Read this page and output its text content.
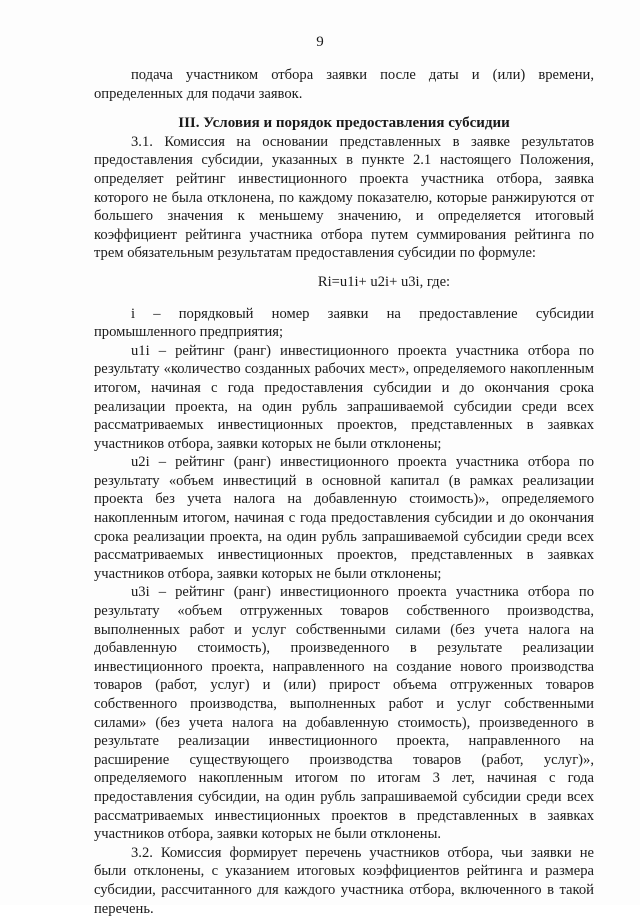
9

подача участником отбора заявки после даты и (или) времени, определенных для подачи заявок.

III. Условия и порядок предоставления субсидии

3.1. Комиссия на основании представленных в заявке результатов предоставления субсидии, указанных в пункте 2.1 настоящего Положения, определяет рейтинг инвестиционного проекта участника отбора, заявка которого не была отклонена, по каждому показателю, которые ранжируются от большего значения к меньшему значению, и определяется итоговый коэффициент рейтинга участника отбора путем суммирования рейтинга по трем обязательным результатам предоставления субсидии по формуле:

Ri=u1i+ u2i+ u3i, где:

i – порядковый номер заявки на предоставление субсидии промышленного предприятия;

u1i – рейтинг (ранг) инвестиционного проекта участника отбора по результату «количество созданных рабочих мест», определяемого накопленным итогом, начиная с года предоставления субсидии и до окончания срока реализации проекта, на один рубль запрашиваемой субсидии среди всех рассматриваемых инвестиционных проектов, представленных в заявках участников отбора, заявки которых не были отклонены;

u2i – рейтинг (ранг) инвестиционного проекта участника отбора по результату «объем инвестиций в основной капитал (в рамках реализации проекта без учета налога на добавленную стоимость)», определяемого накопленным итогом, начиная с года предоставления субсидии и до окончания срока реализации проекта, на один рубль запрашиваемой субсидии среди всех рассматриваемых инвестиционных проектов, представленных в заявках участников отбора, заявки которых не были отклонены;

u3i – рейтинг (ранг) инвестиционного проекта участника отбора по результату «объем отгруженных товаров собственного производства, выполненных работ и услуг собственными силами (без учета налога на добавленную стоимость), произведенного в результате реализации инвестиционного проекта, направленного на создание нового производства товаров (работ, услуг) и (или) прирост объема отгруженных товаров собственного производства, выполненных работ и услуг собственными силами» (без учета налога на добавленную стоимость), произведенного в результате реализации инвестиционного проекта, направленного на расширение существующего производства товаров (работ, услуг)», определяемого накопленным итогом по итогам 3 лет, начиная с года предоставления субсидии, на один рубль запрашиваемой субсидии среди всех рассматриваемых инвестиционных проектов в представленных в заявках участников отбора, заявки которых не были отклонены.

3.2. Комиссия формирует перечень участников отбора, чьи заявки не были отклонены, с указанием итоговых коэффициентов рейтинга и размера субсидии, рассчитанного для каждого участника отбора, включенного в такой перечень.
